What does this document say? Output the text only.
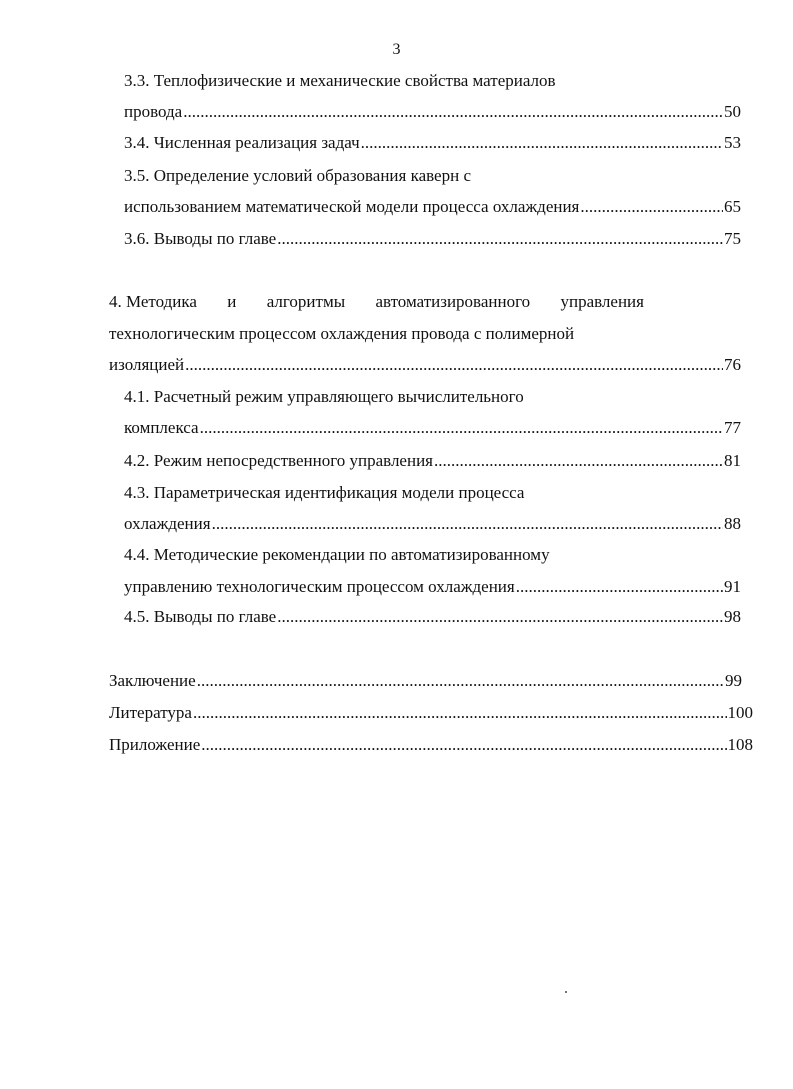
3
3.3. Теплофизические и механические свойства материалов
провода .....	50
3.4. Численная реализация задач .....	53
3.5. Определение условий образования каверн с
использованием математической модели процесса охлаждения .....	65
3.6. Выводы по главе .....	75
4. Методика и алгоритмы автоматизированного управления
технологическим процессом охлаждения провода с полимерной
изоляцией .....	76
4.1. Расчетный режим управляющего вычислительного
комплекса .....	77
4.2. Режим непосредственного управления .....	81
4.3. Параметрическая идентификация модели процесса
охлаждения .....	88
4.4. Методические рекомендации по автоматизированному
управлению технологическим процессом охлаждения .....	91
4.5. Выводы по главе .....	98
Заключение .....	99
Литература .....	100
Приложение .....	108
